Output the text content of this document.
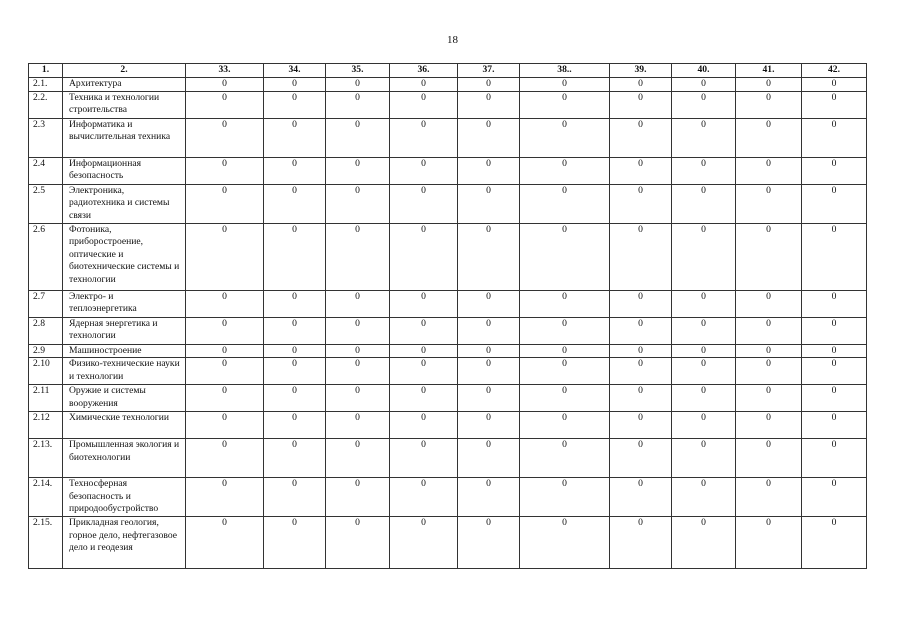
18
1.	2.	33.	34.	35.	36.	37.	38..	39.	40.	41.	42.
2.1.	Архитектура	0	0	0	0	0	0	0	0	0	0
2.2.	Техника и технологии строительства	0	0	0	0	0	0	0	0	0	0
2.3	Информатика и вычислительная техника	0	0	0	0	0	0	0	0	0	0
2.4	Информационная безопасность	0	0	0	0	0	0	0	0	0	0
2.5	Электроника, радиотехника и системы связи	0	0	0	0	0	0	0	0	0	0
2.6	Фотоника, приборостроение, оптические и биотехнические системы и технологии	0	0	0	0	0	0	0	0	0	0
2.7	Электро- и теплоэнергетика	0	0	0	0	0	0	0	0	0	0
2.8	Ядерная энергетика и технологии	0	0	0	0	0	0	0	0	0	0
2.9	Машиностроение	0	0	0	0	0	0	0	0	0	0
2.10	Физико-технические науки и технологии	0	0	0	0	0	0	0	0	0	0
2.11	Оружие и системы вооружения	0	0	0	0	0	0	0	0	0	0
2.12	Химические технологии	0	0	0	0	0	0	0	0	0	0
2.13.	Промышленная экология и биотехнологии	0	0	0	0	0	0	0	0	0	0
2.14.	Техносферная безопасность и природообустройство	0	0	0	0	0	0	0	0	0	0
2.15.	Прикладная геология, горное дело, нефтегазовое дело и геодезия	0	0	0	0	0	0	0	0	0	0
